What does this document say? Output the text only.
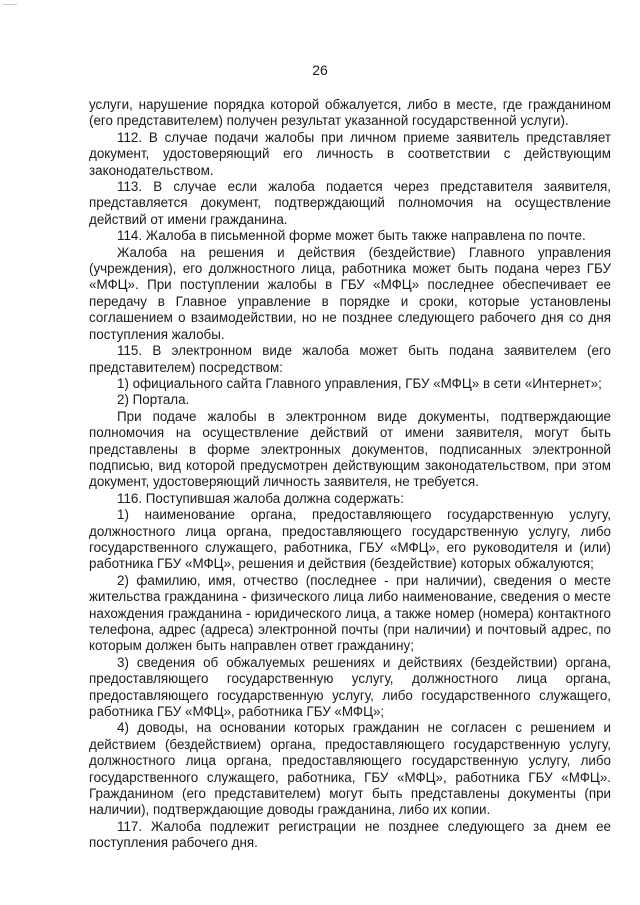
26

услуги, нарушение порядка которой обжалуется, либо в месте, где гражданином (его представителем) получен результат указанной государственной услуги).

112. В случае подачи жалобы при личном приеме заявитель представляет документ, удостоверяющий его личность в соответствии с действующим законодательством.

113. В случае если жалоба подается через представителя заявителя, представляется документ, подтверждающий полномочия на осуществление действий от имени гражданина.

114. Жалоба в письменной форме может быть также направлена по почте.

Жалоба на решения и действия (бездействие) Главного управления (учреждения), его должностного лица, работника может быть подана через ГБУ «МФЦ». При поступлении жалобы в ГБУ «МФЦ» последнее обеспечивает ее передачу в Главное управление в порядке и сроки, которые установлены соглашением о взаимодействии, но не позднее следующего рабочего дня со дня поступления жалобы.

115. В электронном виде жалоба может быть подана заявителем (его представителем) посредством:

1) официального сайта Главного управления, ГБУ «МФЦ» в сети «Интернет»;

2) Портала.

При подаче жалобы в электронном виде документы, подтверждающие полномочия на осуществление действий от имени заявителя, могут быть представлены в форме электронных документов, подписанных электронной подписью, вид которой предусмотрен действующим законодательством, при этом документ, удостоверяющий личность заявителя, не требуется.

116. Поступившая жалоба должна содержать:

1) наименование органа, предоставляющего государственную услугу, должностного лица органа, предоставляющего государственную услугу, либо государственного служащего, работника, ГБУ «МФЦ», его руководителя и (или) работника ГБУ «МФЦ», решения и действия (бездействие) которых обжалуются;

2) фамилию, имя, отчество (последнее - при наличии), сведения о месте жительства гражданина - физического лица либо наименование, сведения о месте нахождения гражданина - юридического лица, а также номер (номера) контактного телефона, адрес (адреса) электронной почты (при наличии) и почтовый адрес, по которым должен быть направлен ответ гражданину;

3) сведения об обжалуемых решениях и действиях (бездействии) органа, предоставляющего государственную услугу, должностного лица органа, предоставляющего государственную услугу, либо государственного служащего, работника ГБУ «МФЦ», работника ГБУ «МФЦ»;

4) доводы, на основании которых гражданин не согласен с решением и действием (бездействием) органа, предоставляющего государственную услугу, должностного лица органа, предоставляющего государственную услугу, либо государственного служащего, работника, ГБУ «МФЦ», работника ГБУ «МФЦ». Гражданином (его представителем) могут быть представлены документы (при наличии), подтверждающие доводы гражданина, либо их копии.

117. Жалоба подлежит регистрации не позднее следующего за днем ее поступления рабочего дня.
